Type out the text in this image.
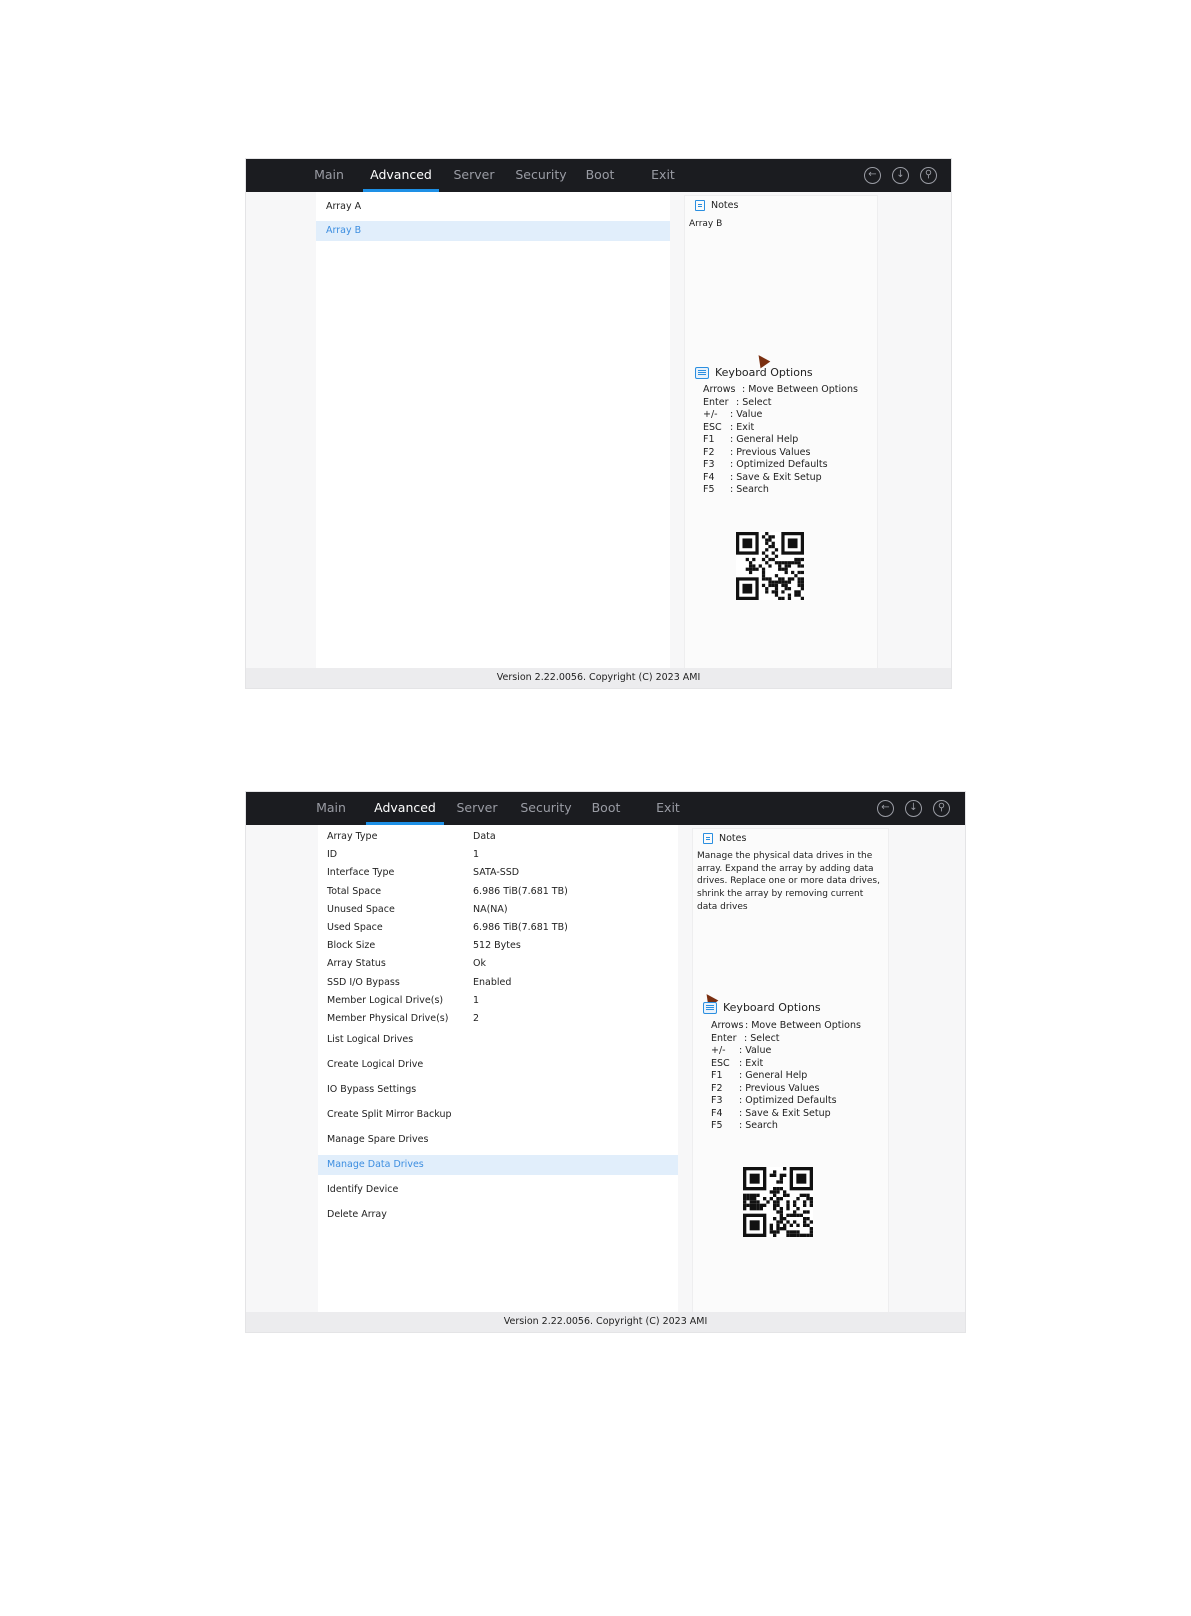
Main	Advanced	Server	Security	Boot	Exit	←	↓	⚲
Array A
Array B
Notes
Array B
Keyboard Options
Arrows : Move Between Options
Enter : Select
+/- : Value
ESC : Exit
F1 : General Help
F2 : Previous Values
F3 : Optimized Defaults
F4 : Save & Exit Setup
F5 : Search
Version 2.22.0056. Copyright (C) 2023 AMI
Main	Advanced	Server	Security	Boot	Exit	←	↓	⚲
Array Type	Data
ID	1
Interface Type	SATA-SSD
Total Space	6.986 TiB(7.681 TB)
Unused Space	NA(NA)
Used Space	6.986 TiB(7.681 TB)
Block Size	512 Bytes
Array Status	Ok
SSD I/O Bypass	Enabled
Member Logical Drive(s)	1
Member Physical Drive(s)	2
List Logical Drives
Create Logical Drive
IO Bypass Settings
Create Split Mirror Backup
Manage Spare Drives
Manage Data Drives
Identify Device
Delete Array
Notes
Manage the physical data drives in the
array. Expand the array by adding data
drives. Replace one or more data drives,
shrink the array by removing current
data drives
Keyboard Options
Arrows : Move Between Options
Enter : Select
+/- : Value
ESC : Exit
F1 : General Help
F2 : Previous Values
F3 : Optimized Defaults
F4 : Save & Exit Setup
F5 : Search
Version 2.22.0056. Copyright (C) 2023 AMI
